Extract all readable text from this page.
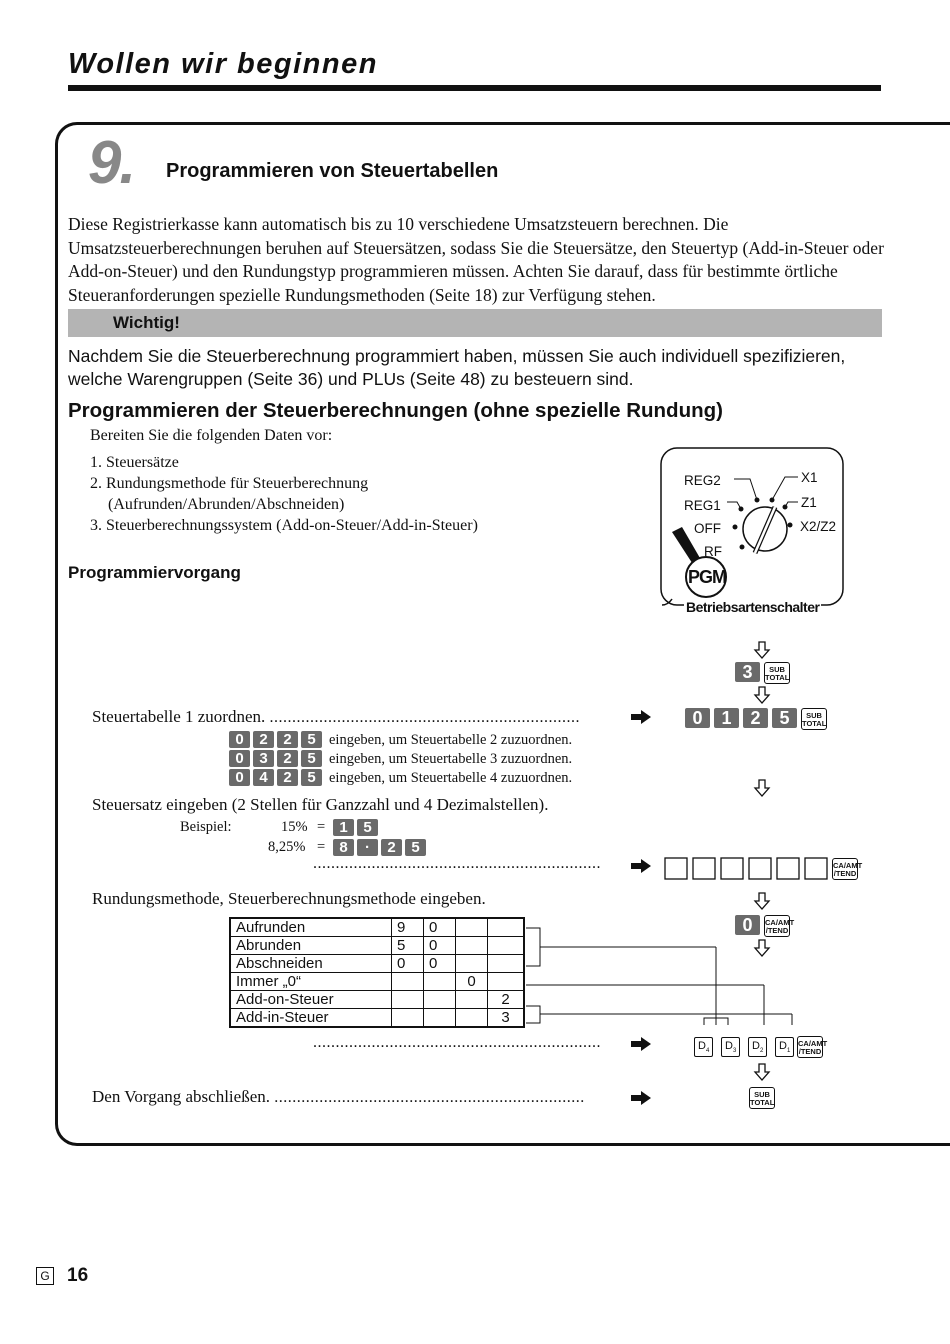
Wollen wir beginnen
9. Programmieren von Steuertabellen
Diese Registrierkasse kann automatisch bis zu 10 verschiedene Umsatzsteuern berechnen. Die Umsatzsteuerberechnungen beruhen auf Steuersätzen, sodass Sie die Steuersätze, den Steuertyp (Add-in-Steuer oder Add-on-Steuer) und den Rundungstyp programmieren müssen. Achten Sie darauf, dass für bestimmte örtliche Steueranforderungen spezielle Rundungsmethoden (Seite 18) zur Verfügung stehen.
Wichtig!
Nachdem Sie die Steuerberechnung programmiert haben, müssen Sie auch individuell spezifizieren, welche Warengruppen (Seite 36) und PLUs (Seite 48) zu besteuern sind.
Programmieren der Steuerberechnungen (ohne spezielle Rundung)
Bereiten Sie die folgenden Daten vor:
1. Steuersätze
2. Rundungsmethode für Steuerberechnung
(Aufrunden/Abrunden/Abschneiden)
3. Steuerberechnungssystem (Add-on-Steuer/Add-in-Steuer)
Programmiervorgang
REG2
REG1
OFF
RF
X1
Z1
X2/Z2
PGM
Betriebsartenschalter
3 SUB
TOTAL
Steuertabelle 1 zuordnen. .....................................................................	0 1 2 5 SUB
TOTAL
0 2 2 5 eingeben, um Steuertabelle 2 zuzuordnen.
0 3 2 5 eingeben, um Steuertabelle 3 zuzuordnen.
0 4 2 5 eingeben, um Steuertabelle 4 zuzuordnen.
Steuersatz eingeben (2 Stellen für Ganzzahl und 4 Dezimalstellen).
Beispiel:	15% = 1 5
8,25% = 8 · 2 5
................................................................	CA/AMT
/TEND
Rundungsmethode, Steuerberechnungsmethode eingeben.
0 CA/AMT
/TEND
Aufrunden	9	0		
Abrunden	5	0		
Abschneiden	0	0		
Immer „0“			0	
Add-on-Steuer				2
Add-in-Steuer				3
................................................................	$D_4$ $D_3$ $D_2$ $D_1CA$/AMT
/TEND
Den Vorgang abschließen. .....................................................................	SUB
TOTAL
G 16
